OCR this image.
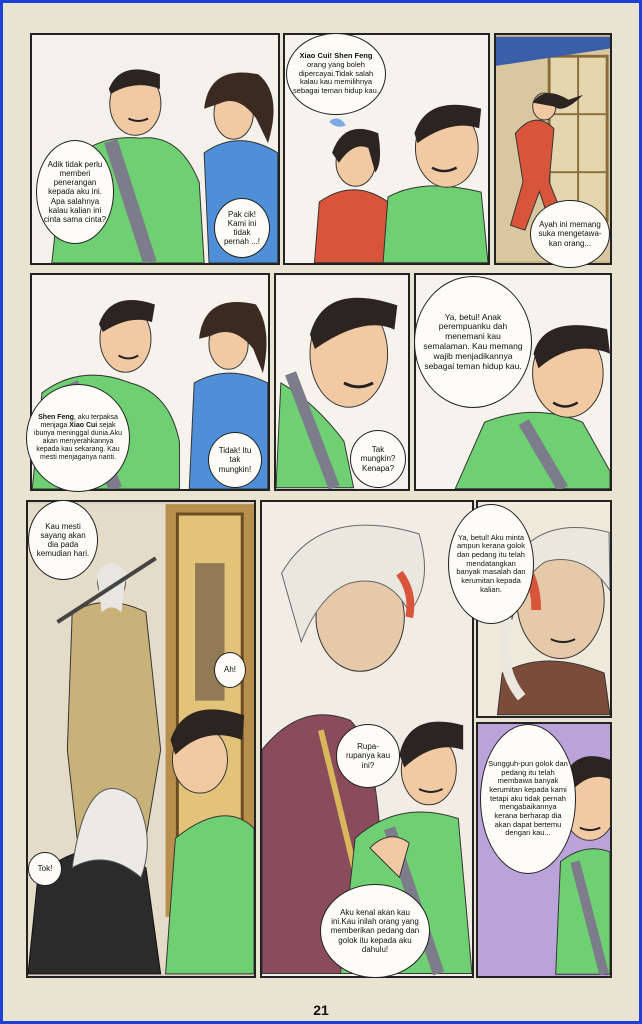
Adik tidak perlu memberi penerangan kepada aku ini. Apa salahnya kalau kalian ini cinta sama cinta?
Pak cik! Kami ini tidak pernah ...!
Xiao Cui! Shen Feng orang yang boleh dipercayai.Tidak salah kalau kau memilihnya sebagai teman hidup kau.
Ayah ini memang suka mengetawa-kan orang...
Shen Feng, aku terpaksa menjaga Xiao Cui sejak ibunya meninggal dunia.Aku akan menyerahkannya kepada kau sekarang. Kau mesti menjaganya nanti.
Tidak! Itu tak mungkin!
Tak mungkin? Kenapa?
Ya, betul! Anak perempuanku dah menemani kau semalaman. Kau memang wajib menjadikannya sebagai teman hidup kau.
Kau mesti sayang akan dia pada kemudian hari.
Ah!
Tok!
Rupa-rupanya kau ini?
Aku kenal akan kau ini.Kau inilah orang yang memberikan pedang dan golok itu kepada aku dahulu!
Ya, betul! Aku minta ampun kerana golok dan pedang itu telah mendatangkan banyak masalah dan kerumitan kepada kalian.
Sungguh-pun golok dan pedang itu telah membawa banyak kerumitan kepada kami tetapi aku tidak pernah mengabaikannya kerana berharap dia akan dapat bertemu dengan kau...
21
